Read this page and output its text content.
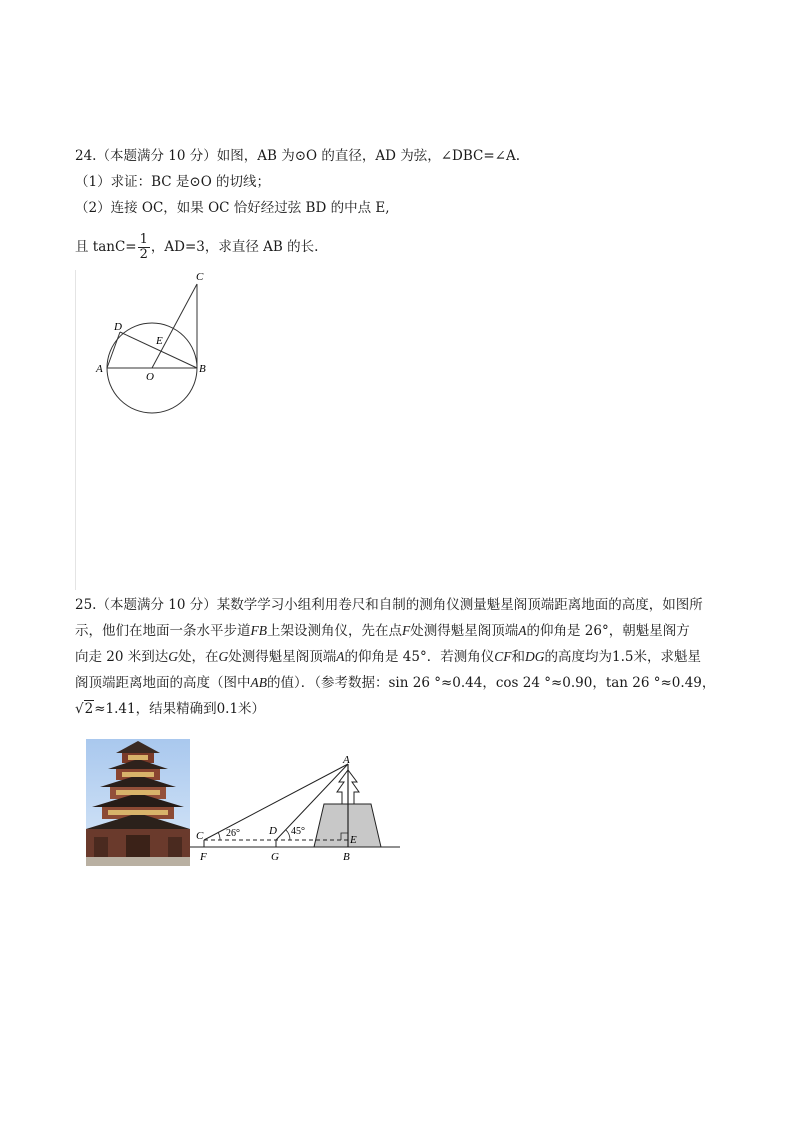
24.（本题满分 10 分）如图，AB 为⊙O 的直径，AD 为弦，∠DBC=∠A.
（1）求证：BC 是⊙O 的切线；
（2）连接 OC，如果 OC 恰好经过弦 BD 的中点 E,
且 $\tan C= \frac{1}{2}$ ，AD=3，求直径 AB 的长.
C
D
E
A
O
B
25.（本题满分 10 分）某数学学习小组利用卷尺和自制的测角仪测量魁星阁顶端距离地面的高度，如图所
示，他们在地面一条水平步道FB上架设测角仪，先在点F处测得魁星阁顶端A的仰角是 26°，朝魁星阁方
向走 20 米到达G处，在G处测得魁星阁顶端A的仰角是 45°．若测角仪CF和DG的高度均为1.5米，求魁星
阁顶端距离地面的高度（图中AB的值）．（参考数据：sin 26 °≈0.44，cos 24 °≈0.90，tan 26 °≈0.49，
√2≈1.41，结果精确到0.1米）
A
C	D
E
F	G	B
26°	45°
